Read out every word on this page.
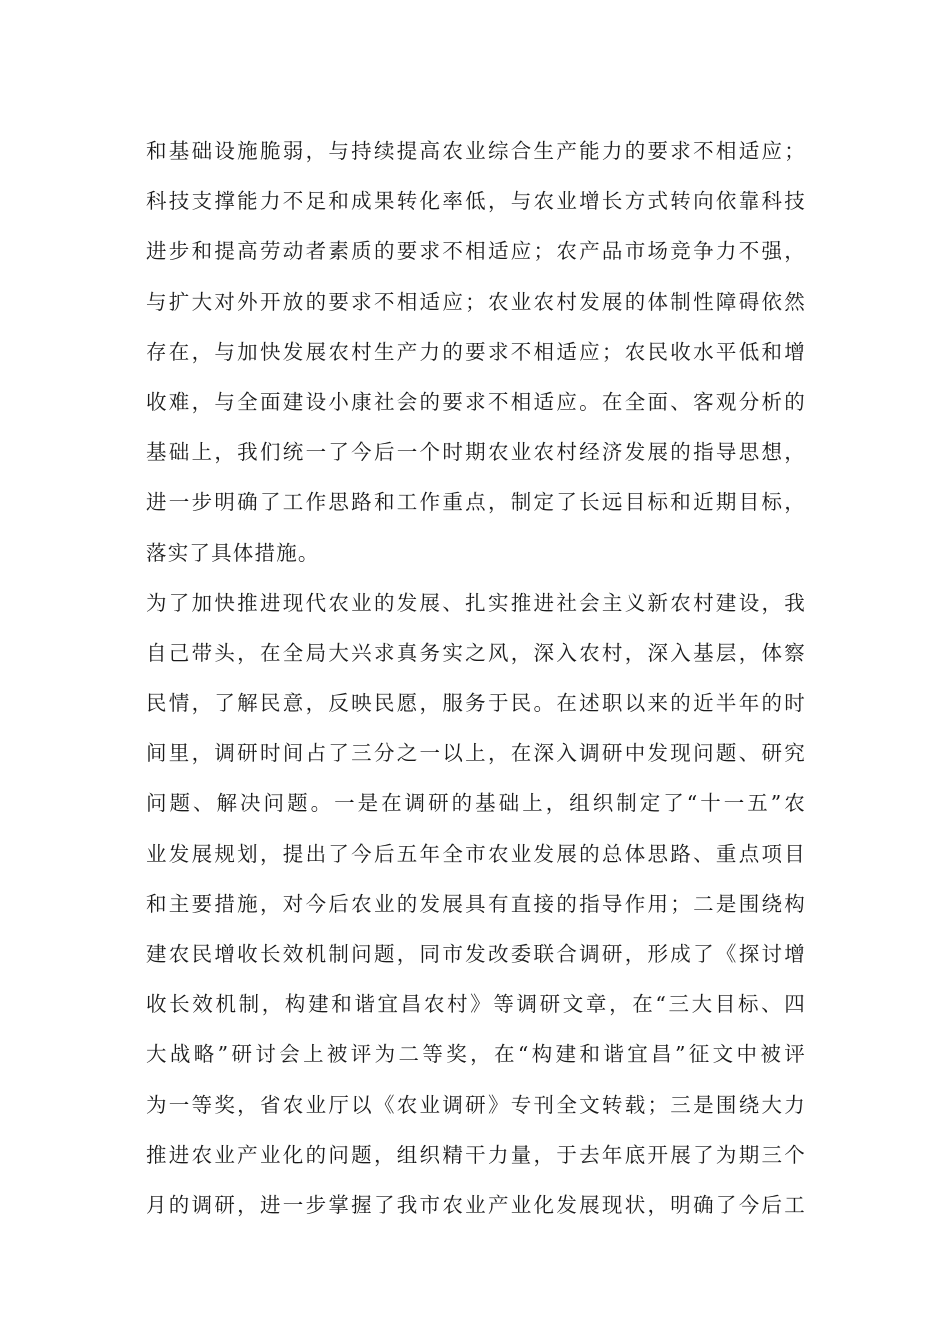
和基础设施脆弱，与持续提高农业综合生产能力的要求不相适应；
科技支撑能力不足和成果转化率低，与农业增长方式转向依靠科技
进步和提高劳动者素质的要求不相适应；农产品市场竞争力不强，
与扩大对外开放的要求不相适应；农业农村发展的体制性障碍依然
存在，与加快发展农村生产力的要求不相适应；农民收水平低和增
收难，与全面建设小康社会的要求不相适应。在全面、客观分析的
基础上，我们统一了今后一个时期农业农村经济发展的指导思想，
进一步明确了工作思路和工作重点，制定了长远目标和近期目标，
落实了具体措施。
为了加快推进现代农业的发展、扎实推进社会主义新农村建设，我
自己带头，在全局大兴求真务实之风，深入农村，深入基层，体察
民情，了解民意，反映民愿，服务于民。在述职以来的近半年的时
间里，调研时间占了三分之一以上，在深入调研中发现问题、研究
问题、解决问题。一是在调研的基础上，组织制定了“十一五”农
业发展规划，提出了今后五年全市农业发展的总体思路、重点项目
和主要措施，对今后农业的发展具有直接的指导作用；二是围绕构
建农民增收长效机制问题，同市发改委联合调研，形成了《探讨增
收长效机制，构建和谐宜昌农村》等调研文章，在“三大目标、四
大战略”研讨会上被评为二等奖，在“构建和谐宜昌”征文中被评
为一等奖，省农业厅以《农业调研》专刊全文转载；三是围绕大力
推进农业产业化的问题，组织精干力量，于去年底开展了为期三个
月的调研，进一步掌握了我市农业产业化发展现状，明确了今后工
